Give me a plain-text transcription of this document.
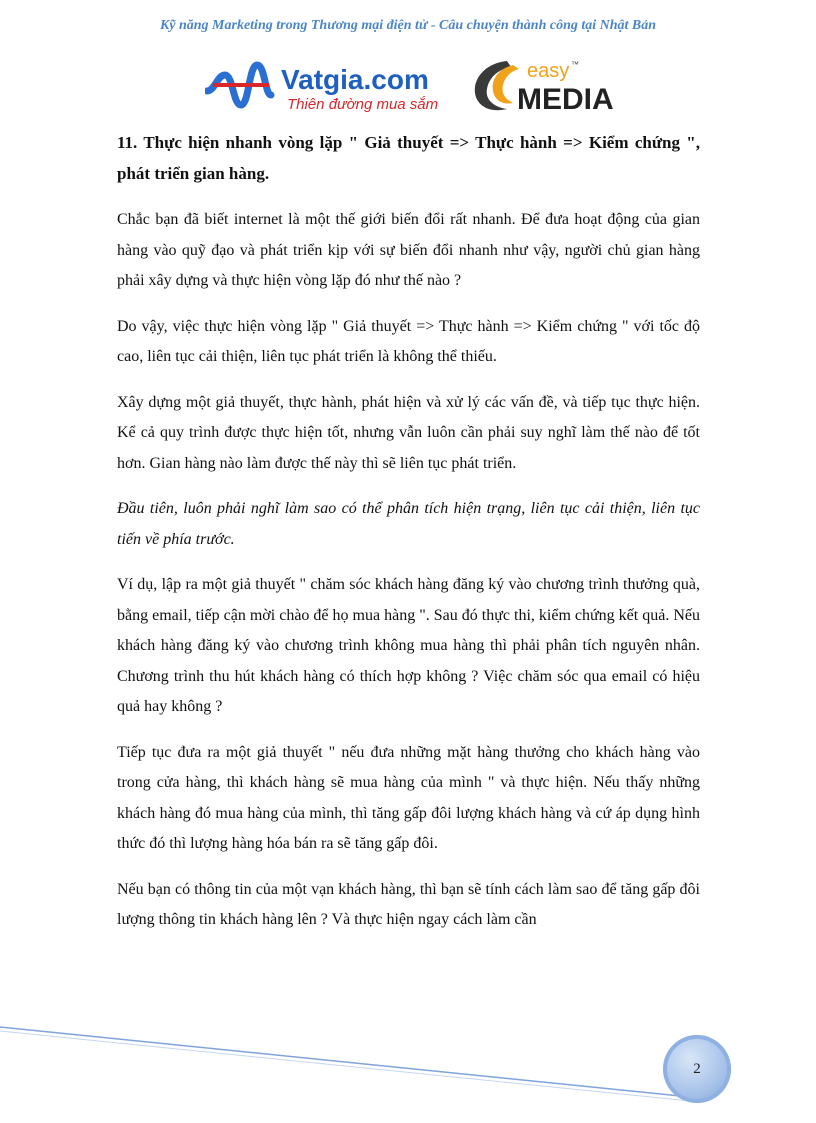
Kỹ năng Marketing trong Thương mại điện tử - Câu chuyện thành công tại Nhật Bản
Vatgia.com
Thiên đường mua sắm
easy ™
MEDIA

11. Thực hiện nhanh vòng lặp " Giả thuyết => Thực hành => Kiểm chứng ", phát triển gian hàng.

Chắc bạn đã biết internet là một thế giới biến đổi rất nhanh. Để đưa hoạt động của gian hàng vào quỹ đạo và phát triển kịp với sự biến đổi nhanh như vậy, người chủ gian hàng phải xây dựng và thực hiện vòng lặp đó như thế nào ?

Do vậy, việc thực hiện vòng lặp " Giả thuyết => Thực hành => Kiểm chứng " với tốc độ cao, liên tục cải thiện, liên tục phát triển là không thể thiếu.

Xây dựng một giả thuyết, thực hành, phát hiện và xử lý các vấn đề, và tiếp tục thực hiện. Kể cả quy trình được thực hiện tốt, nhưng vẫn luôn cần phải suy nghĩ làm thế nào để tốt hơn. Gian hàng nào làm được thế này thì sẽ liên tục phát triển.

Đầu tiên, luôn phải nghĩ làm sao có thể phân tích hiện trạng, liên tục cải thiện, liên tục tiến về phía trước.

Ví dụ, lập ra một giả thuyết " chăm sóc khách hàng đăng ký vào chương trình thưởng quà, bằng email, tiếp cận mời chào để họ mua hàng ". Sau đó thực thi, kiểm chứng kết quả. Nếu khách hàng đăng ký vào chương trình không mua hàng thì phải phân tích nguyên nhân. Chương trình thu hút khách hàng có thích hợp không ? Việc chăm sóc qua email có hiệu quả hay không ?

Tiếp tục đưa ra một giả thuyết " nếu đưa những mặt hàng thưởng cho khách hàng vào trong cửa hàng, thì khách hàng sẽ mua hàng của mình " và thực hiện. Nếu thấy những khách hàng đó mua hàng của mình, thì tăng gấp đôi lượng khách hàng và cứ áp dụng hình thức đó thì lượng hàng hóa bán ra sẽ tăng gấp đôi.

Nếu bạn có thông tin của một vạn khách hàng, thì bạn sẽ tính cách làm sao để tăng gấp đôi lượng thông tin khách hàng lên ? Và thực hiện ngay cách làm cần

2
